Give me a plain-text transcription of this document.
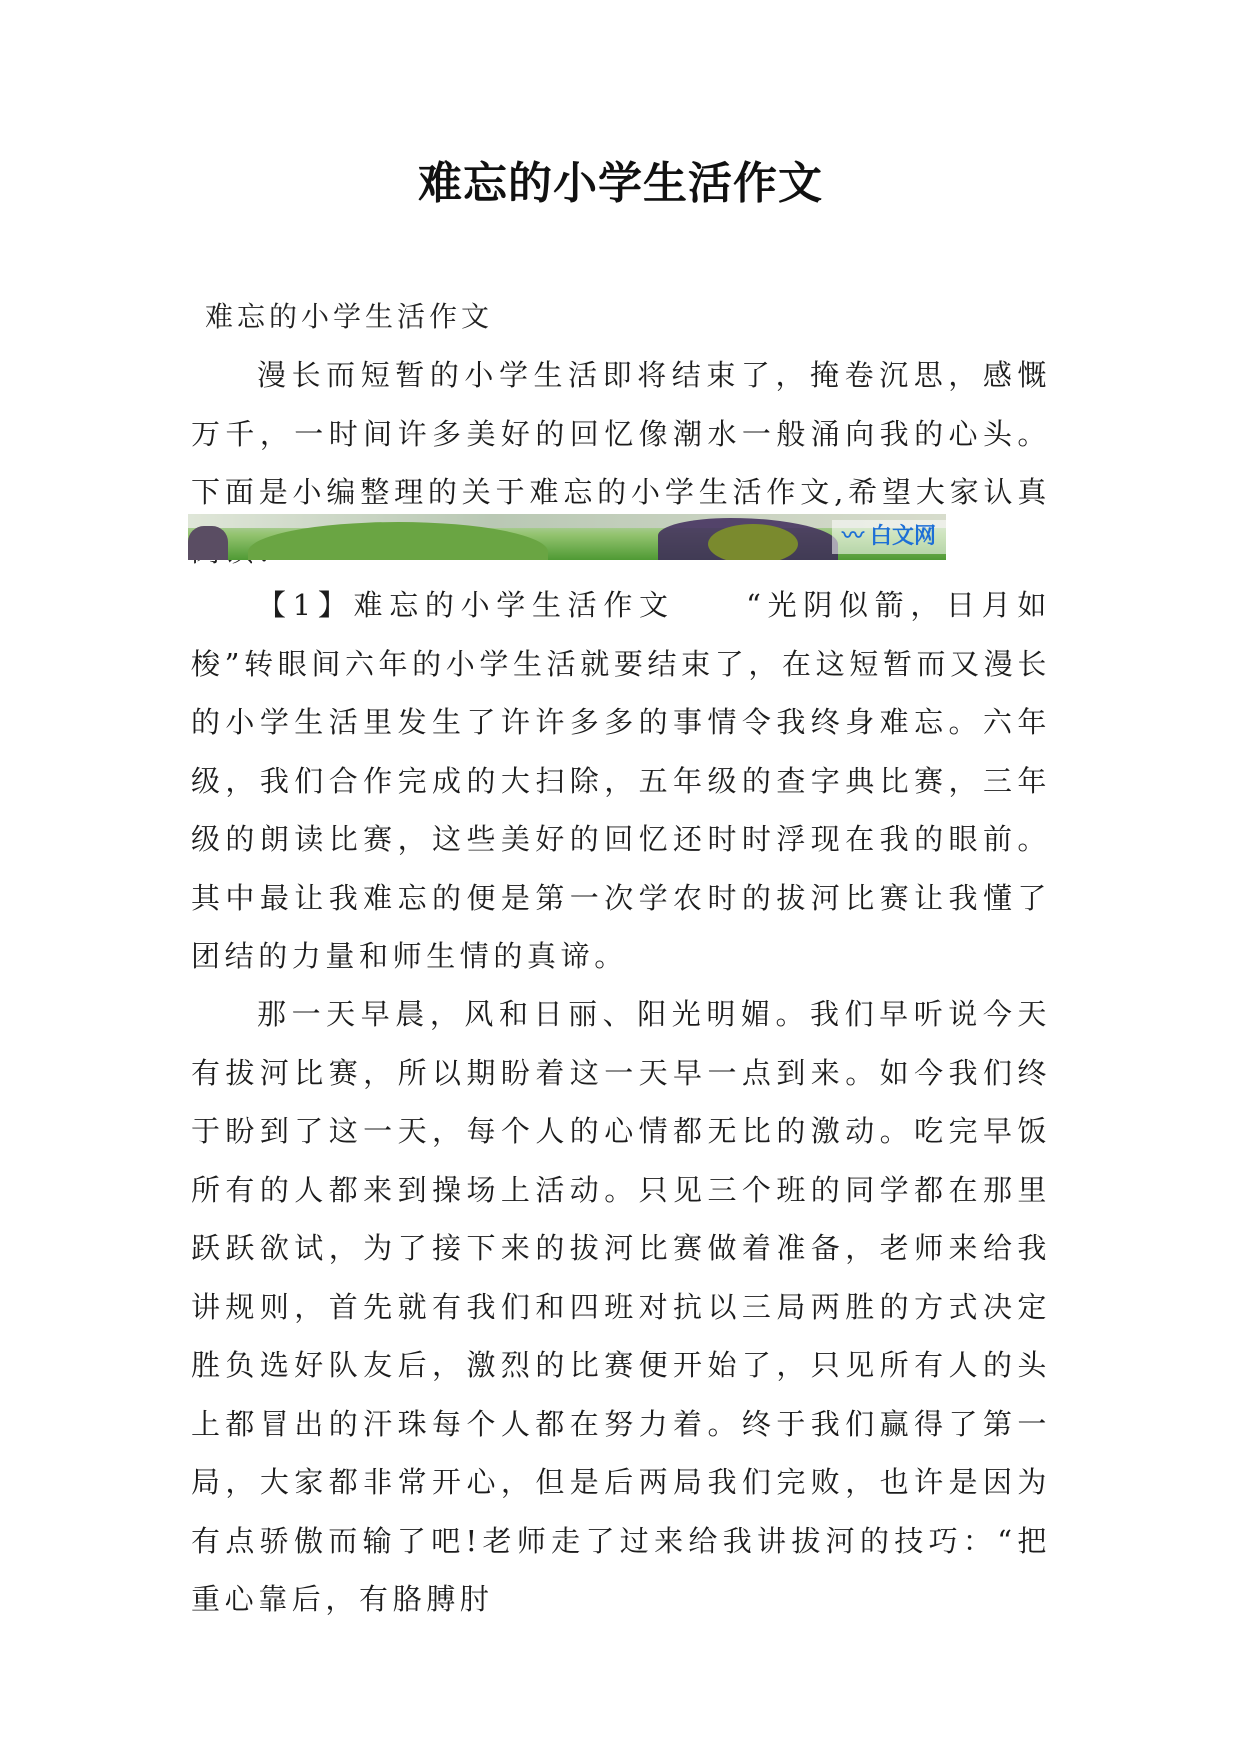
难忘的小学生活作文
难忘的小学生活作文

漫长而短暂的小学生活即将结束了，掩卷沉思，感慨万千，一时间许多美好的回忆像潮水一般涌向我的心头。下面是小编整理的关于难忘的小学生活作文,希望大家认真

〰 白文网

【1】难忘的小学生活作文　　“光阴似箭，日月如梭”转眼间六年的小学生活就要结束了，在这短暂而又漫长的小学生活里发生了许许多多的事情令我终身难忘。六年级，我们合作完成的大扫除，五年级的查字典比赛，三年级的朗读比赛，这些美好的回忆还时时浮现在我的眼前。其中最让我难忘的便是第一次学农时的拔河比赛让我懂了团结的力量和师生情的真谛。

那一天早晨，风和日丽、阳光明媚。我们早听说今天有拔河比赛，所以期盼着这一天早一点到来。如今我们终于盼到了这一天，每个人的心情都无比的激动。吃完早饭所有的人都来到操场上活动。只见三个班的同学都在那里跃跃欲试，为了接下来的拔河比赛做着准备，老师来给我讲规则，首先就有我们和四班对抗以三局两胜的方式决定胜负选好队友后，激烈的比赛便开始了，只见所有人的头上都冒出的汗珠每个人都在努力着。终于我们赢得了第一局，大家都非常开心，但是后两局我们完败，也许是因为有点骄傲而输了吧!老师走了过来给我讲拔河的技巧：“把重心靠后，有胳膊肘
